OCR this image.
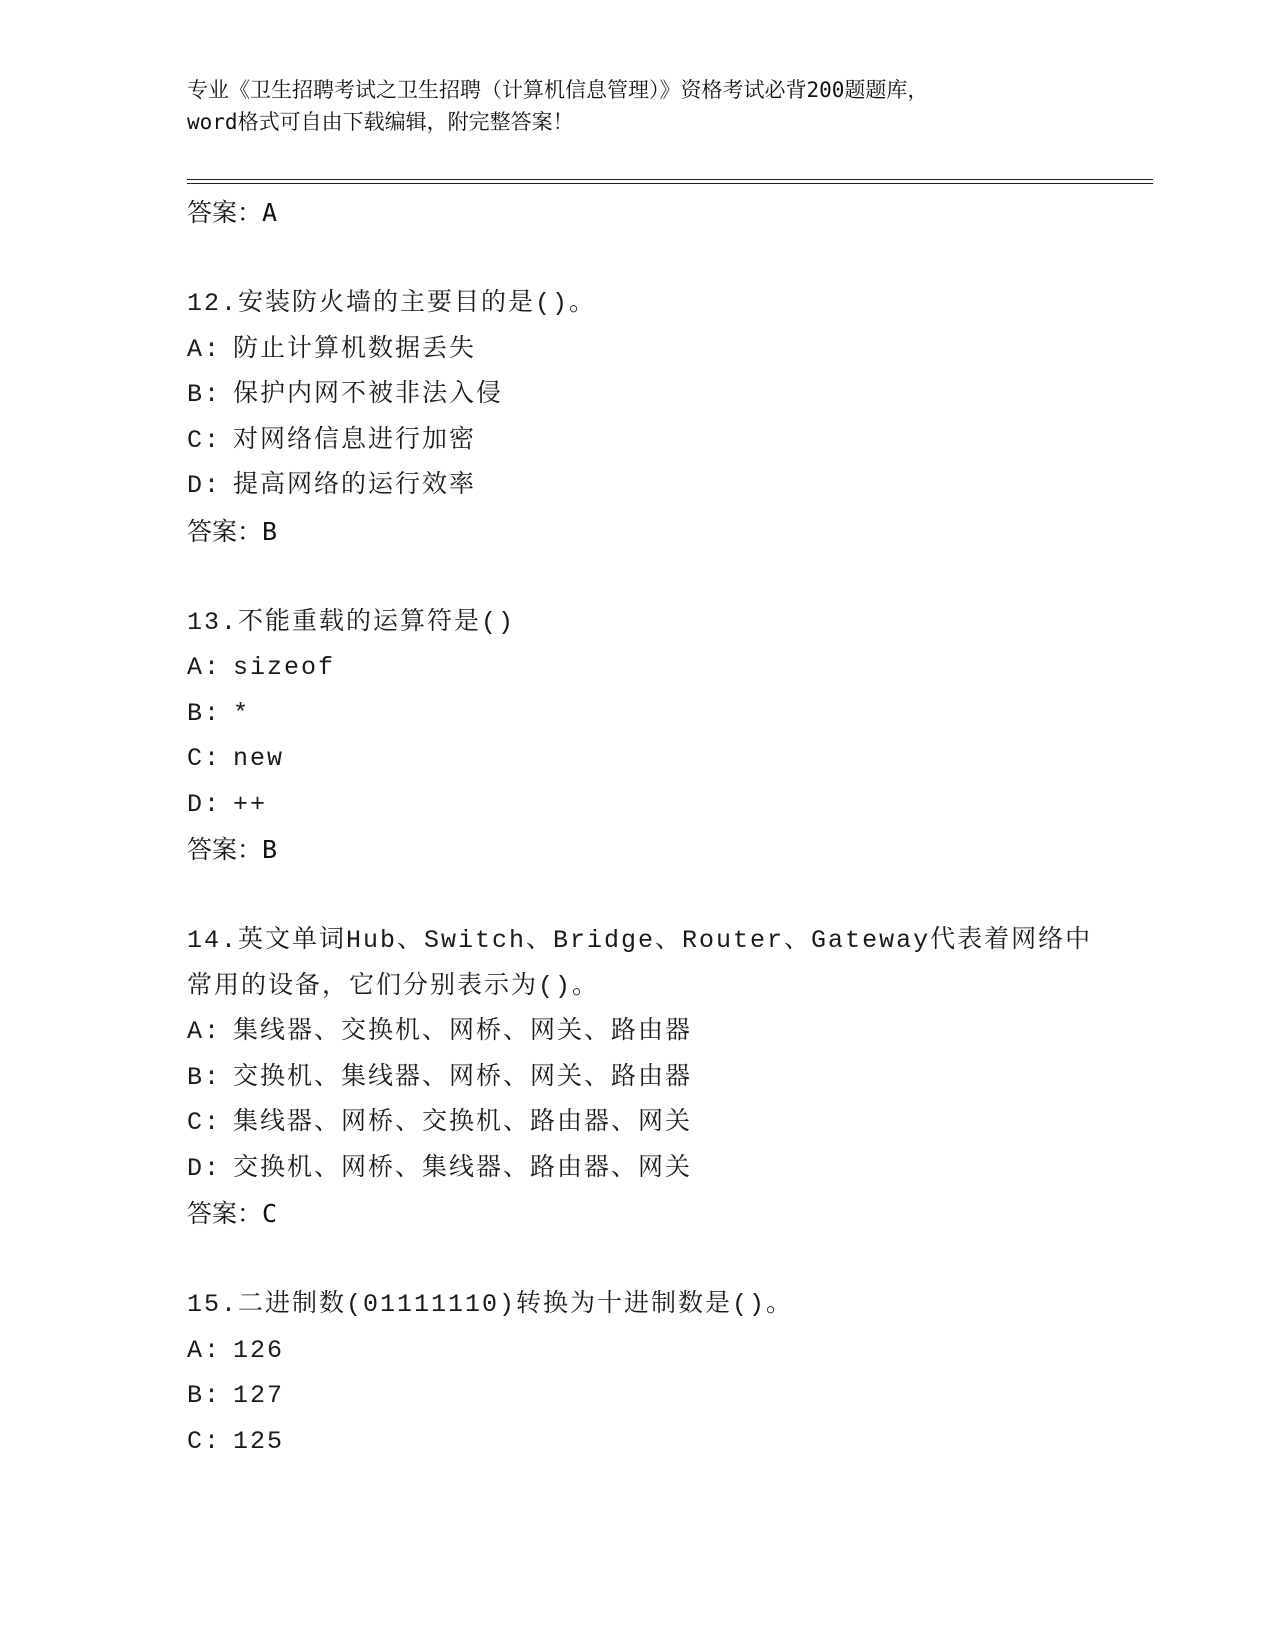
专业《卫生招聘考试之卫生招聘（计算机信息管理）》资格考试必背200题题库，
word格式可自由下载编辑，附完整答案！
答案：A
12.安装防火墙的主要目的是()。
A: 防止计算机数据丢失
B: 保护内网不被非法入侵
C: 对网络信息进行加密
D: 提高网络的运行效率
答案：B
13.不能重载的运算符是()
A: sizeof
B: *
C: new
D: ++
答案：B
14.英文单词Hub、Switch、Bridge、Router、Gateway代表着网络中
常用的设备，它们分别表示为()。
A: 集线器、交换机、网桥、网关、路由器
B: 交换机、集线器、网桥、网关、路由器
C: 集线器、网桥、交换机、路由器、网关
D: 交换机、网桥、集线器、路由器、网关
答案：C
15.二进制数(01111110)转换为十进制数是()。
A: 126
B: 127
C: 125
